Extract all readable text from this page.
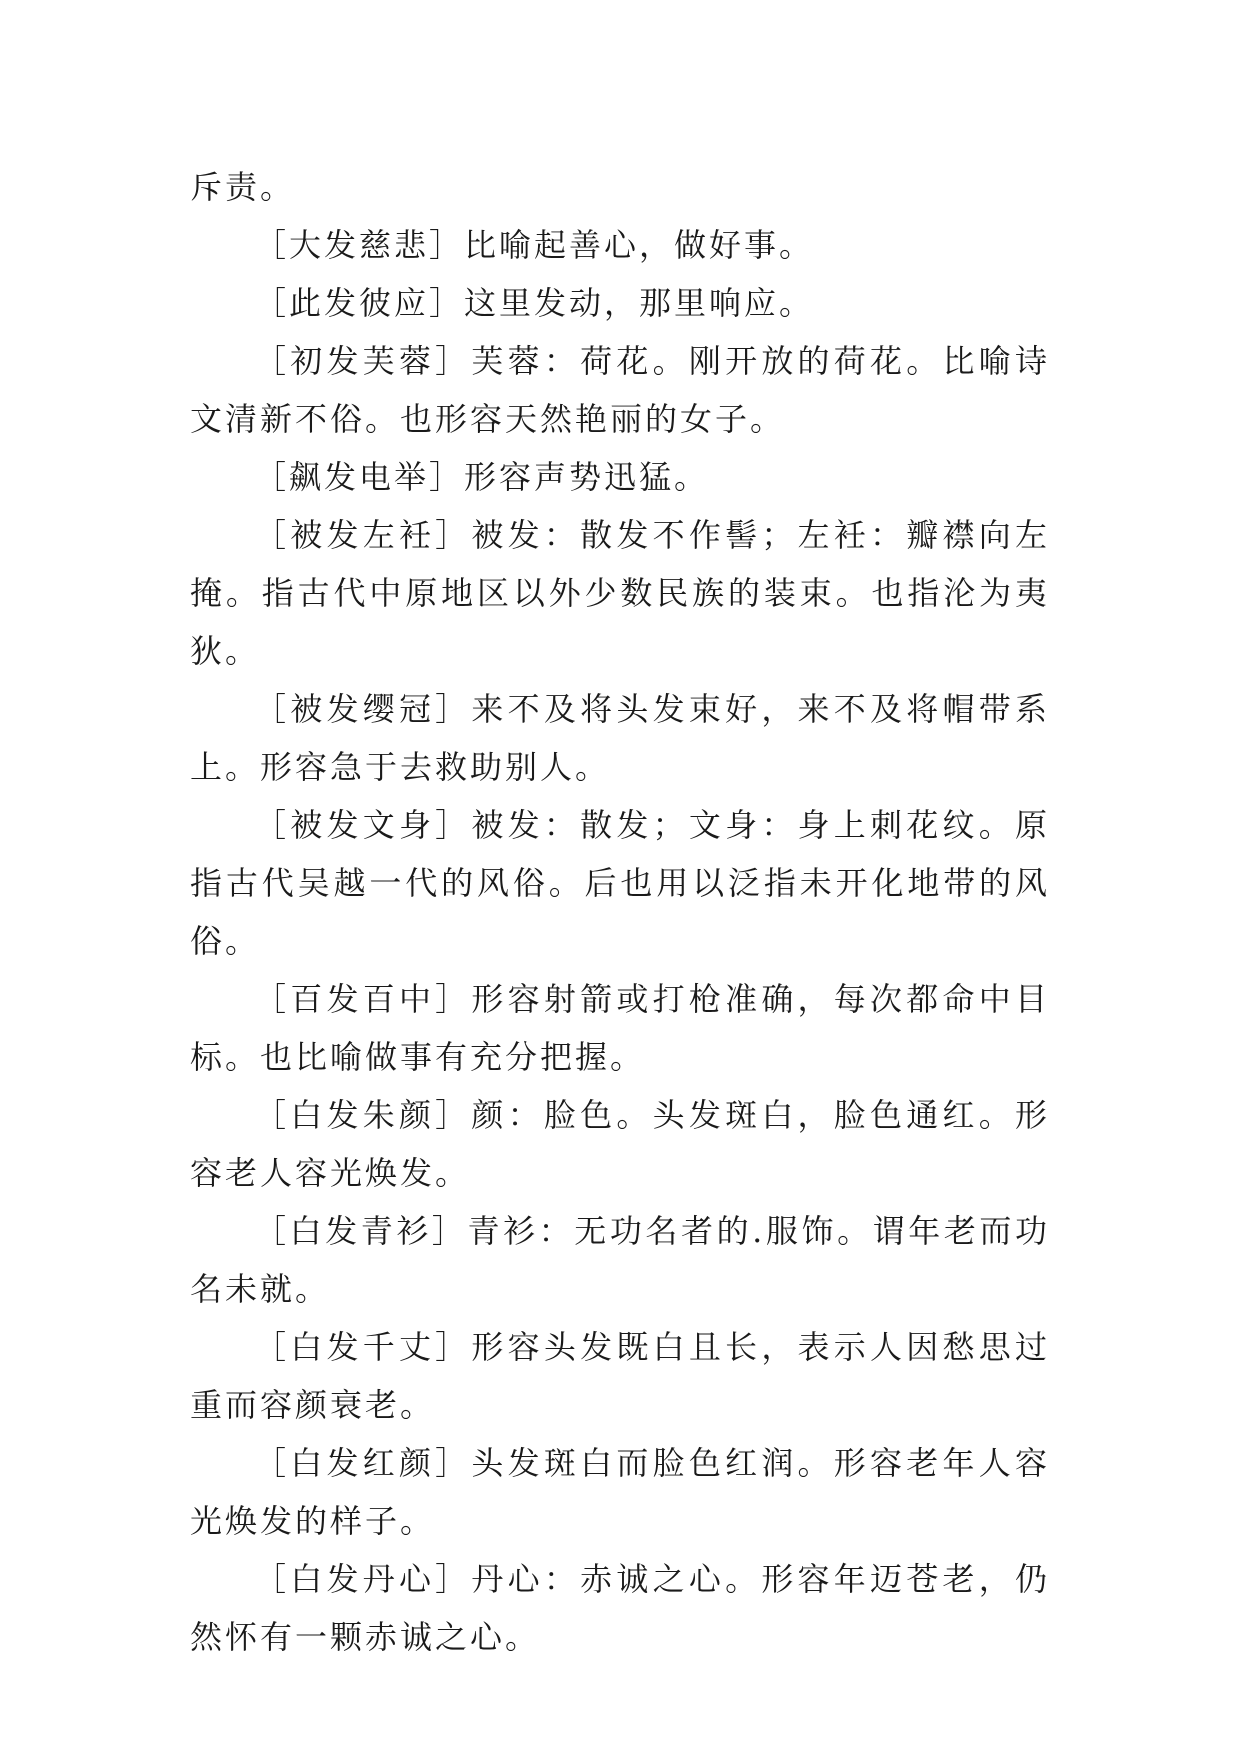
斥责。

［大发慈悲］比喻起善心，做好事。

［此发彼应］这里发动，那里响应。

［初发芙蓉］芙蓉：荷花。刚开放的荷花。比喻诗文清新不俗。也形容天然艳丽的女子。

［飙发电举］形容声势迅猛。

［被发左衽］被发：散发不作髻；左衽：瓣襟向左掩。指古代中原地区以外少数民族的装束。也指沦为夷狄。

［被发缨冠］来不及将头发束好，来不及将帽带系上。形容急于去救助别人。

［被发文身］被发：散发；文身：身上刺花纹。原指古代吴越一代的风俗。后也用以泛指未开化地带的风俗。

［百发百中］形容射箭或打枪准确，每次都命中目标。也比喻做事有充分把握。

［白发朱颜］颜：脸色。头发斑白，脸色通红。形容老人容光焕发。

［白发青衫］青衫：无功名者的.服饰。谓年老而功名未就。

［白发千丈］形容头发既白且长，表示人因愁思过重而容颜衰老。

［白发红颜］头发斑白而脸色红润。形容老年人容光焕发的样子。

［白发丹心］丹心：赤诚之心。形容年迈苍老，仍然怀有一颗赤诚之心。
